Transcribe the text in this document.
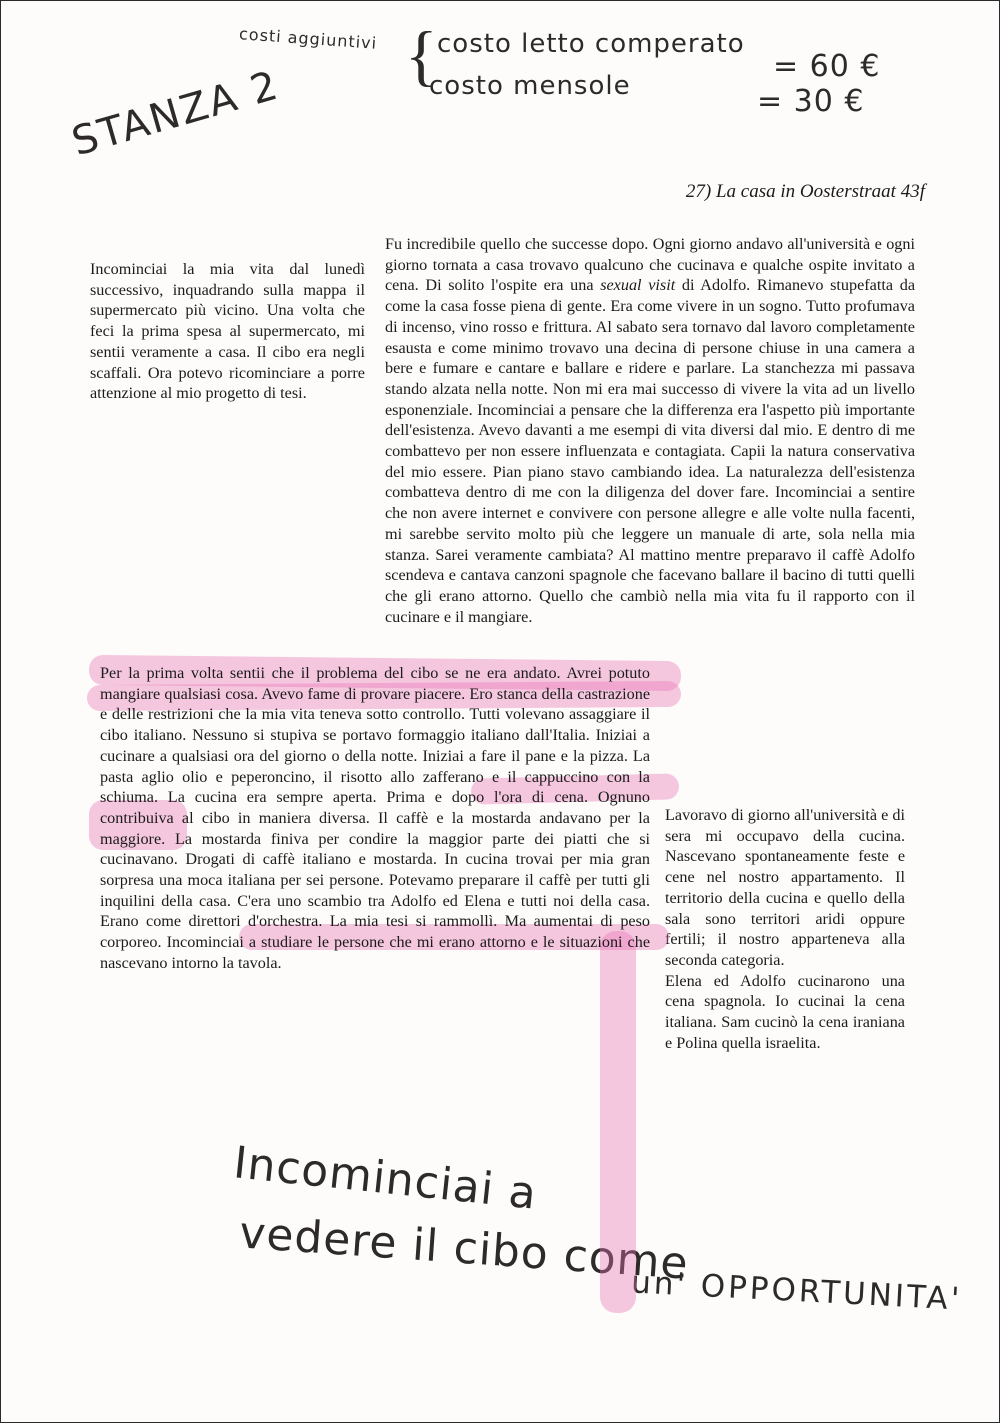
costi aggiuntivi {
costo letto comperato
= 60 €
costo mensole	= 30 €
STANZA 2

27) La casa in Oosterstraat 43f

Incominciai la mia vita dal lunedì successivo, inquadrando sulla mappa il supermercato più vicino. Una volta che feci la prima spesa al supermercato, mi sentii veramente a casa. Il cibo era negli scaffali. Ora potevo ricominciare a porre attenzione al mio progetto di tesi.

Fu incredibile quello che successe dopo. Ogni giorno andavo all'università e ogni giorno tornata a casa trovavo qualcuno che cucinava e qualche ospite invitato a cena. Di solito l'ospite era una sexual visit di Adolfo. Rimanevo stupefatta da come la casa fosse piena di gente. Era come vivere in un sogno. Tutto profumava di incenso, vino rosso e frittura. Al sabato sera tornavo dal lavoro completamente esausta e come minimo trovavo una decina di persone chiuse in una camera a bere e fumare e cantare e ballare e ridere e parlare. La stanchezza mi passava stando alzata nella notte. Non mi era mai successo di vivere la vita ad un livello esponenziale. Incominciai a pensare che la differenza era l'aspetto più importante dell'esistenza. Avevo davanti a me esempi di vita diversi dal mio. E dentro di me combattevo per non essere influenzata e contagiata. Capii la natura conservativa del mio essere. Pian piano stavo cambiando idea. La naturalezza dell'esistenza combatteva dentro di me con la diligenza del dover fare. Incominciai a sentire che non avere internet e convivere con persone allegre e alle volte nulla facenti, mi sarebbe servito molto più che leggere un manuale di arte, sola nella mia stanza. Sarei veramente cambiata? Al mattino mentre preparavo il caffè Adolfo scendeva e cantava canzoni spagnole che facevano ballare il bacino di tutti quelli che gli erano attorno. Quello che cambiò nella mia vita fu il rapporto con il cucinare e il mangiare.

Per la prima volta sentii che il problema del cibo se ne era andato. Avrei potuto mangiare qualsiasi cosa. Avevo fame di provare piacere. Ero stanca della castrazione e delle restrizioni che la mia vita teneva sotto controllo. Tutti volevano assaggiare il cibo italiano. Nessuno si stupiva se portavo formaggio italiano dall'Italia. Iniziai a cucinare a qualsiasi ora del giorno o della notte. Iniziai a fare il pane e la pizza. La pasta aglio olio e peperoncino, il risotto allo zafferano e il cappuccino con la schiuma. La cucina era sempre aperta. Prima e dopo l'ora di cena. Ognuno contribuiva al cibo in maniera diversa. Il caffè e la mostarda andavano per la maggiore. La mostarda finiva per condire la maggior parte dei piatti che si cucinavano. Drogati di caffè italiano e mostarda. In cucina trovai per mia gran sorpresa una moca italiana per sei persone. Potevamo preparare il caffè per tutti gli inquilini della casa. C'era uno scambio tra Adolfo ed Elena e tutti noi della casa. Erano come direttori d'orchestra. La mia tesi si rammollì. Ma aumentai di peso corporeo. Incominciai a studiare le persone che mi erano attorno e le situazioni che nascevano intorno la tavola.

Lavoravo di giorno all'università e di sera mi occupavo della cucina. Nascevano spontaneamente feste e cene nel nostro appartamento. Il territorio della cucina e quello della sala sono territori aridi oppure fertili; il nostro apparteneva alla seconda categoria.

Elena ed Adolfo cucinarono una cena spagnola. Io cucinai la cena italiana. Sam cucinò la cena iraniana e Polina quella israelita.

Incominciai a
vedere il cibo come
un' OPPORTUNITA'
